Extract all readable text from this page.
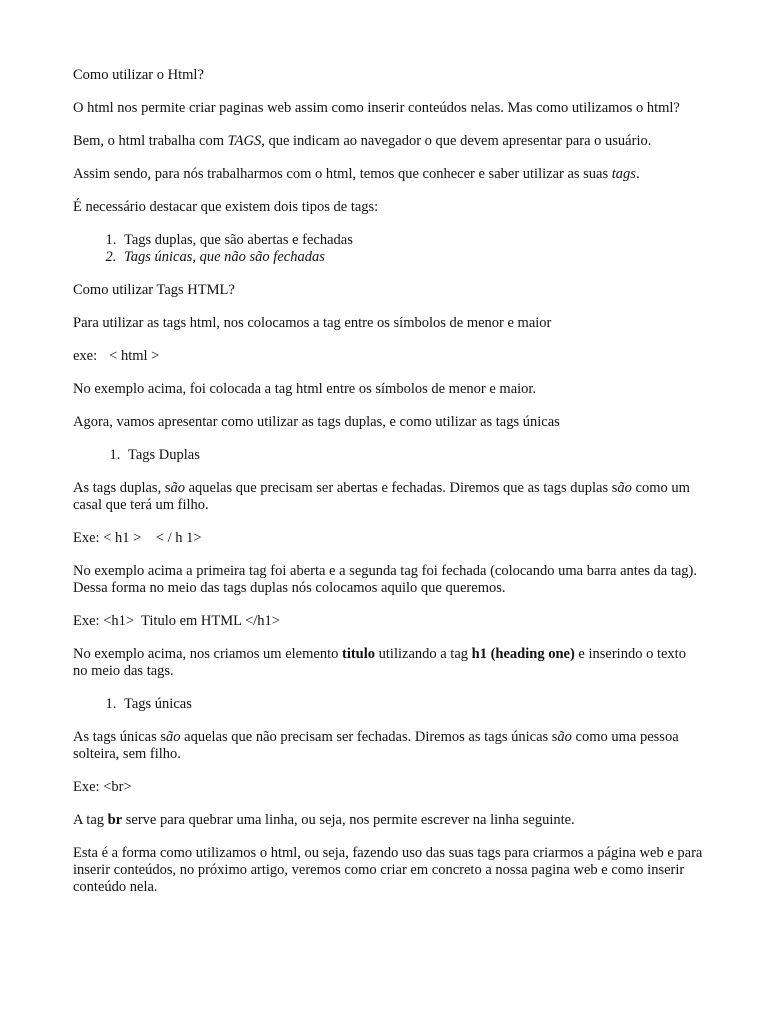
Como utilizar o Html?

O html nos permite criar paginas web assim como inserir conteúdos nelas. Mas como utilizamos o html?

Bem, o html trabalha com TAGS, que indicam ao navegador o que devem apresentar para o usuário.

Assim sendo, para nós trabalharmos com o html, temos que conhecer e saber utilizar as suas tags.

É necessário destacar que existem dois tipos de tags:

1. Tags duplas, que são abertas e fechadas
2. Tags únicas, que não são fechadas

Como utilizar Tags HTML?

Para utilizar as tags html, nos colocamos a tag entre os símbolos de menor e maior

exe: < html >

No exemplo acima, foi colocada a tag html entre os símbolos de menor e maior.

Agora, vamos apresentar como utilizar as tags duplas, e como utilizar as tags únicas

1. Tags Duplas

As tags duplas, são aquelas que precisam ser abertas e fechadas. Diremos que as tags duplas são como um casal que terá um filho.

Exe: < h1 >    < / h 1>

No exemplo acima a primeira tag foi aberta e a segunda tag foi fechada (colocando uma barra antes da tag). Dessa forma no meio das tags duplas nós colocamos aquilo que queremos.

Exe: <h1>  Titulo em HTML </h1>

No exemplo acima, nos criamos um elemento titulo utilizando a tag h1 (heading one) e inserindo o texto no meio das tags.

1. Tags únicas

As tags únicas são aquelas que não precisam ser fechadas. Diremos as tags únicas são como uma pessoa solteira, sem filho.

Exe: <br>

A tag br serve para quebrar uma linha, ou seja, nos permite escrever na linha seguinte.

Esta é a forma como utilizamos o html, ou seja, fazendo uso das suas tags para criarmos a página web e para inserir conteúdos, no próximo artigo, veremos como criar em concreto a nossa pagina web e como inserir conteúdo nela.
